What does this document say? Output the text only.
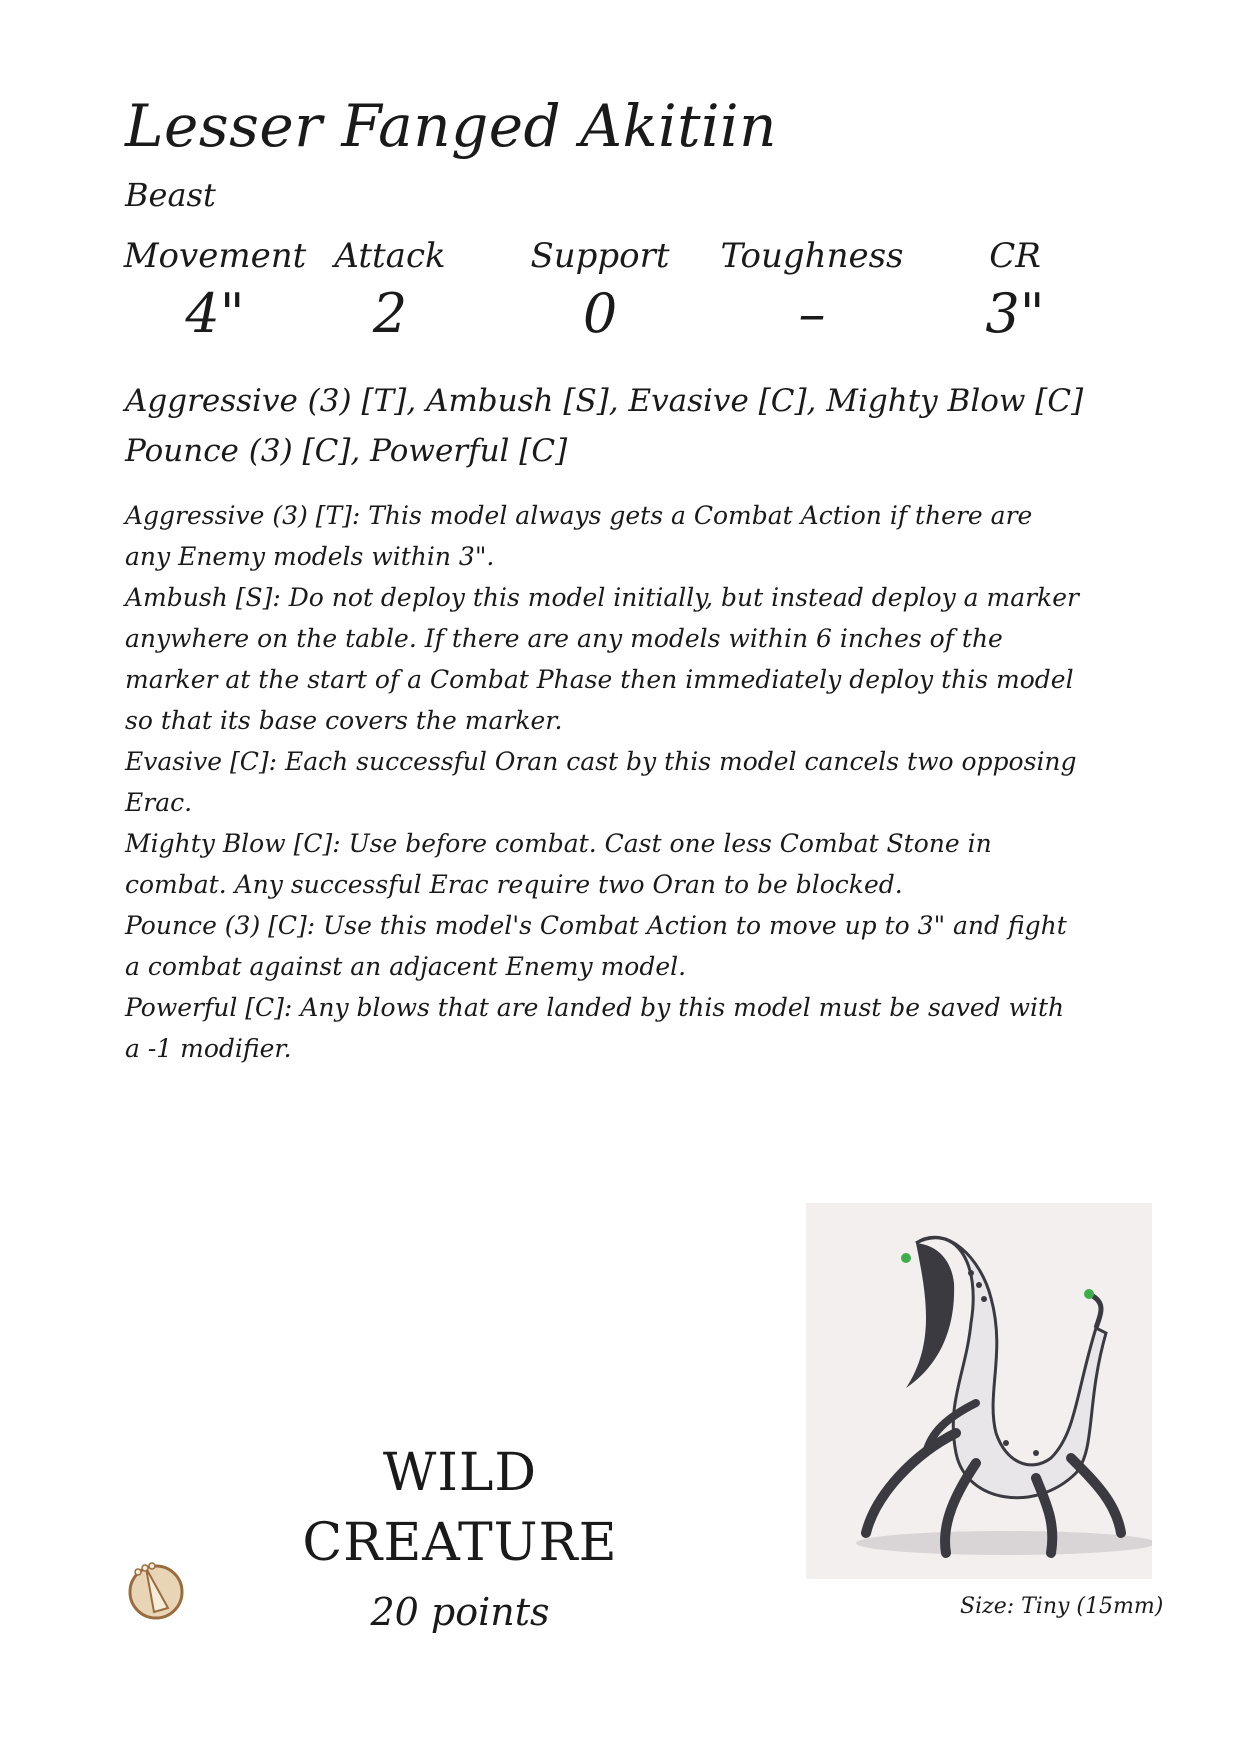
Lesser Fanged Akitiin
Beast
Movement
4"
Attack
2
Support
0
Toughness
–
CR
3"
Aggressive (3) [T], Ambush [S], Evasive [C], Mighty Blow [C]
Pounce (3) [C], Powerful [C]

Aggressive (3) [T]: This model always gets a Combat Action if there are any Enemy models within 3".

Ambush [S]: Do not deploy this model initially, but instead deploy a marker anywhere on the table. If there are any models within 6 inches of the marker at the start of a Combat Phase then immediately deploy this model so that its base covers the marker.

Evasive [C]: Each successful Oran cast by this model cancels two opposing Erac.

Mighty Blow [C]: Use before combat. Cast one less Combat Stone in combat. Any successful Erac require two Oran to be blocked.

Pounce (3) [C]: Use this model's Combat Action to move up to 3" and fight a combat against an adjacent Enemy model.

Powerful [C]: Any blows that are landed by this model must be saved with a -1 modifier.

WILD
CREATURE
20 points	Size: Tiny (15mm)
